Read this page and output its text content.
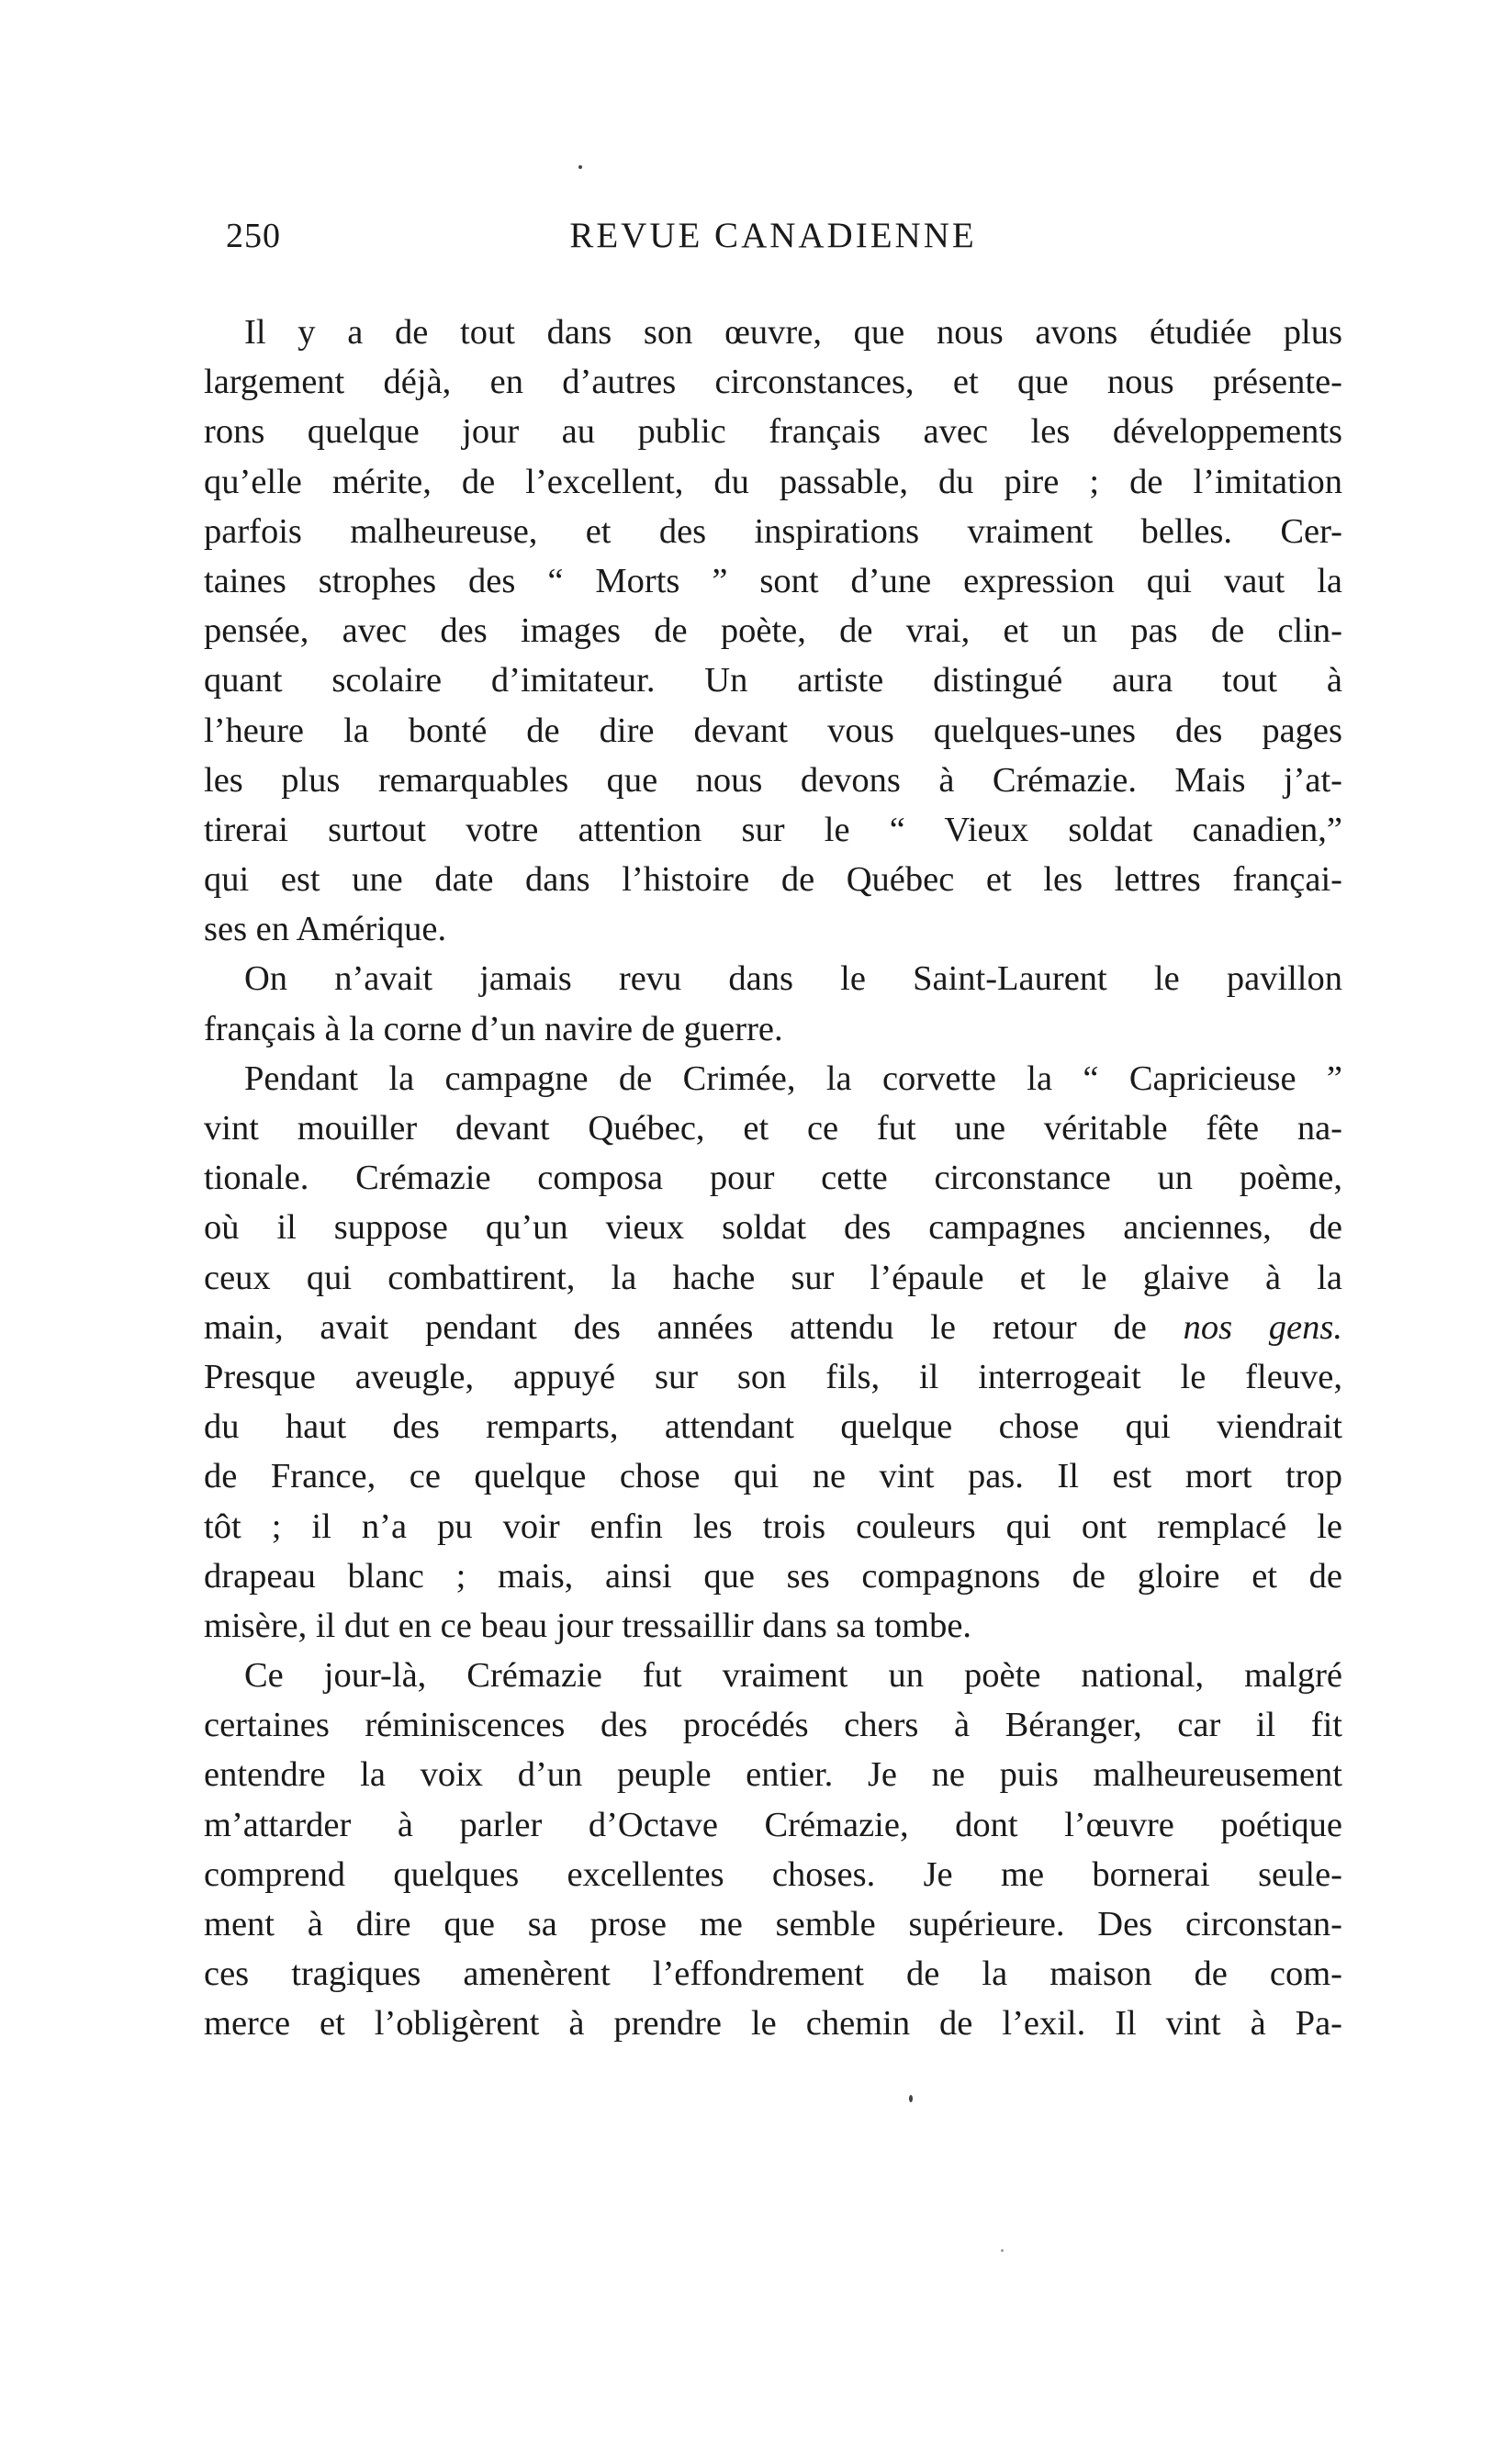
250	REVUE CANADIENNE
Il y a de tout dans son œuvre, que nous avons étudiée plus
largement déjà, en d’autres circonstances, et que nous présente-
rons quelque jour au public français avec les développements
qu’elle mérite, de l’excellent, du passable, du pire ; de l’imitation
parfois malheureuse, et des inspirations vraiment belles. Cer-
taines strophes des “ Morts ” sont d’une expression qui vaut la
pensée, avec des images de poète, de vrai, et un pas de clin-
quant scolaire d’imitateur. Un artiste distingué aura tout à
l’heure la bonté de dire devant vous quelques-unes des pages
les plus remarquables que nous devons à Crémazie. Mais j’at-
tirerai surtout votre attention sur le “ Vieux soldat canadien,”
qui est une date dans l’histoire de Québec et les lettres françai-
ses en Amérique.
On n’avait jamais revu dans le Saint-Laurent le pavillon
français à la corne d’un navire de guerre.
Pendant la campagne de Crimée, la corvette la “ Capricieuse ”
vint mouiller devant Québec, et ce fut une véritable fête na-
tionale. Crémazie composa pour cette circonstance un poème,
où il suppose qu’un vieux soldat des campagnes anciennes, de
ceux qui combattirent, la hache sur l’épaule et le glaive à la
main, avait pendant des années attendu le retour de nos gens.
Presque aveugle, appuyé sur son fils, il interrogeait le fleuve,
du haut des remparts, attendant quelque chose qui viendrait
de France, ce quelque chose qui ne vint pas. Il est mort trop
tôt ; il n’a pu voir enfin les trois couleurs qui ont remplacé le
drapeau blanc ; mais, ainsi que ses compagnons de gloire et de
misère, il dut en ce beau jour tressaillir dans sa tombe.
Ce jour-là, Crémazie fut vraiment un poète national, malgré
certaines réminiscences des procédés chers à Béranger, car il fit
entendre la voix d’un peuple entier. Je ne puis malheureusement
m’attarder à parler d’Octave Crémazie, dont l’œuvre poétique
comprend quelques excellentes choses. Je me bornerai seule-
ment à dire que sa prose me semble supérieure. Des circonstan-
ces tragiques amenèrent l’effondrement de la maison de com-
merce et l’obligèrent à prendre le chemin de l’exil. Il vint à Pa-
